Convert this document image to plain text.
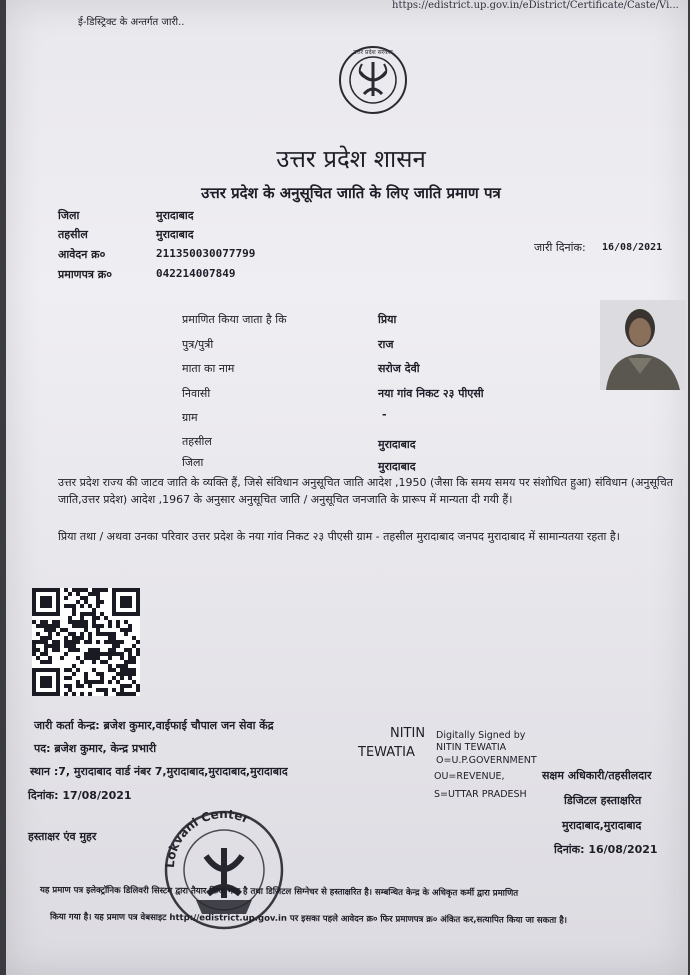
https://edistrict.up.gov.in/eDistrict/Certificate/Caste/Vi...
ई-डिस्ट्रिक्ट के अन्तर्गत जारी..
उत्तर प्रदेश सरकार
उत्तर प्रदेश शासन
उत्तर प्रदेश के अनुसूचित जाति के लिए जाति प्रमाण पत्र
जिला	मुरादाबाद
तहसील	मुरादाबाद
आवेदन क्र०	211350030077799
प्रमाणपत्र क्र०	042214007849
जारी दिनांक: 16/08/2021
प्रमाणित किया जाता है कि	प्रिया
पुत्र/पुत्री	राज
माता का नाम	सरोज देवी
निवासी	नया गांव निकट २३ पीएसी
ग्राम	-
तहसील	मुरादाबाद
जिला	मुरादाबाद
उत्तर प्रदेश राज्य की जाटव जाति के व्यक्ति हैं, जिसे संविधान अनुसूचित जाति आदेश ,1950 (जैसा कि समय समय पर संशोधित हुआ) संविधान (अनुसूचित जाति,उत्तर प्रदेश) आदेश ,1967 के अनुसार अनुसूचित जाति / अनुसूचित जनजाति के प्रारूप में मान्यता दी गयी हैं।
प्रिया तथा / अथवा उनका परिवार उत्तर प्रदेश के नया गांव निकट २३ पीएसी ग्राम - तहसील मुरादाबाद जनपद मुरादाबाद में सामान्यतया रहता है।
जारी कर्ता केन्द्र: ब्रजेश कुमार,वाईफाई चौपाल जन सेवा केंद्र
पद: ब्रजेश कुमार, केन्द्र प्रभारी
स्थान :7, मुरादाबाद वार्ड नंबर 7,मुरादाबाद,मुरादाबाद,मुरादाबाद
दिनांक: 17/08/2021
हस्ताक्षर एंव मुहर
NITIN
TEWATIA
Digitally Signed by
NITIN TEWATIA
O=U.P.GOVERNMENT
OU=REVENUE,
S=UTTAR PRADESH
सक्षम अधिकारी/तहसीलदार
डिजिटल हस्ताक्षरित
मुरादाबाद,मुरादाबाद
दिनांक: 16/08/2021
Lokvani Center
यह प्रमाण पत्र इलेक्ट्रॉनिक डिलिवरी सिस्टम द्वारा तैयार किया गया है तथा डिजिटल सिग्नेचर से हस्ताक्षरित है। सम्बन्धित केन्द्र के अधिकृत कर्मी द्वारा प्रमाणित
किया गया है। यह प्रमाण पत्र वेबसाइट http://edistrict.up.gov.in पर इसका पहले आवेदन क्र० फिर प्रमाणपत्र क्र० अंकित कर,सत्यापित किया जा सकता है।
